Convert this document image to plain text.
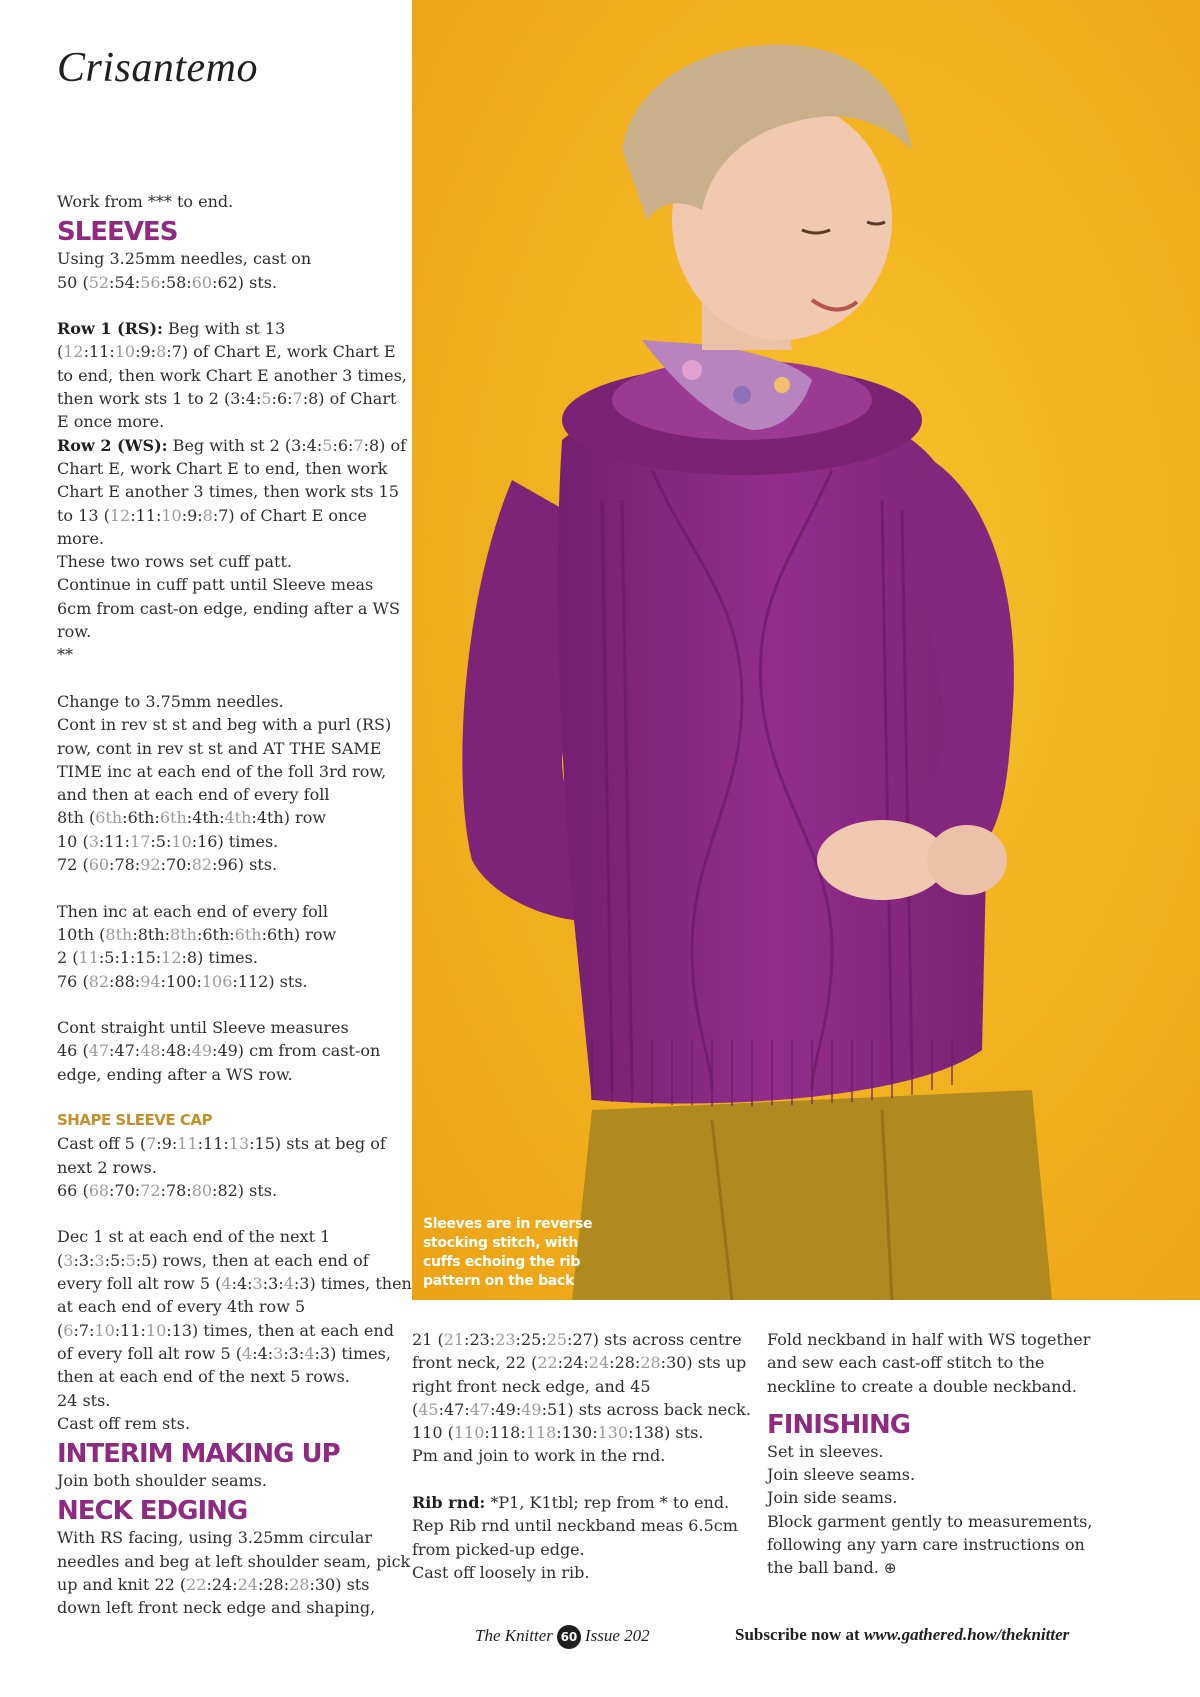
Crisantemo

Work from *** to end.

SLEEVES

Using 3.25mm needles, cast on
50 (52:54:56:58:60:62) sts.

Row 1 (RS): Beg with st 13 (12:11:10:9:8:7) of Chart E, work Chart E to end, then work Chart E another 3 times, then work sts 1 to 2 (3:4:5:6:7:8) of Chart E once more.

Row 2 (WS): Beg with st 2 (3:4:5:6:7:8) of Chart E, work Chart E to end, then work Chart E another 3 times, then work sts 15 to 13 (12:11:10:9:8:7) of Chart E once more.

These two rows set cuff patt.

Continue in cuff patt until Sleeve meas 6cm from cast-on edge, ending after a WS row.

**

Change to 3.75mm needles.
Cont in rev st st and beg with a purl (RS) row, cont in rev st st and AT THE SAME TIME inc at each end of the foll 3rd row, and then at each end of every foll
8th (6th:6th:6th:4th:4th:4th) row
10 (3:11:17:5:10:16) times.
72 (60:78:92:70:82:96) sts.

Then inc at each end of every foll
10th (8th:8th:8th:6th:6th:6th) row
2 (11:5:1:15:12:8) times.
76 (82:88:94:100:106:112) sts.

Cont straight until Sleeve measures
46 (47:47:48:48:49:49) cm from cast-on edge, ending after a WS row.

SHAPE SLEEVE CAP

Cast off 5 (7:9:11:11:13:15) sts at beg of next 2 rows.

66 (68:70:72:78:80:82) sts.

Dec 1 st at each end of the next 1 (3:3:3:5:5:5) rows, then at each end of every foll alt row 5 (4:4:3:3:4:3) times, then at each end of every 4th row 5 (6:7:10:11:10:13) times, then at each end of every foll alt row 5 (4:4:3:3:4:3) times, then at each end of the next 5 rows.

24 sts.

Cast off rem sts.

INTERIM MAKING UP

Join both shoulder seams.

NECK EDGING

With RS facing, using 3.25mm circular needles and beg at left shoulder seam, pick up and knit 22 (22:24:24:28:28:30) sts down left front neck edge and shaping,

Sleeves are in reverse stocking stitch, with cuffs echoing the rib pattern on the back

21 (21:23:23:25:25:27) sts across centre front neck, 22 (22:24:24:28:28:30) sts up right front neck edge, and 45 (45:47:47:49:49:51) sts across back neck.

110 (110:118:118:130:130:138) sts.

Pm and join to work in the rnd.

Rib rnd: *P1, K1tbl; rep from * to end.

Rep Rib rnd until neckband meas 6.5cm from picked-up edge.

Cast off loosely in rib.

Fold neckband in half with WS together and sew each cast-off stitch to the neckline to create a double neckband.

FINISHING

Set in sleeves.

Join sleeve seams.

Join side seams.

Block garment gently to measurements, following any yarn care instructions on the ball band. ⊕

The Knitter 60 Issue 202	Subscribe now at www.gathered.how/theknitter
